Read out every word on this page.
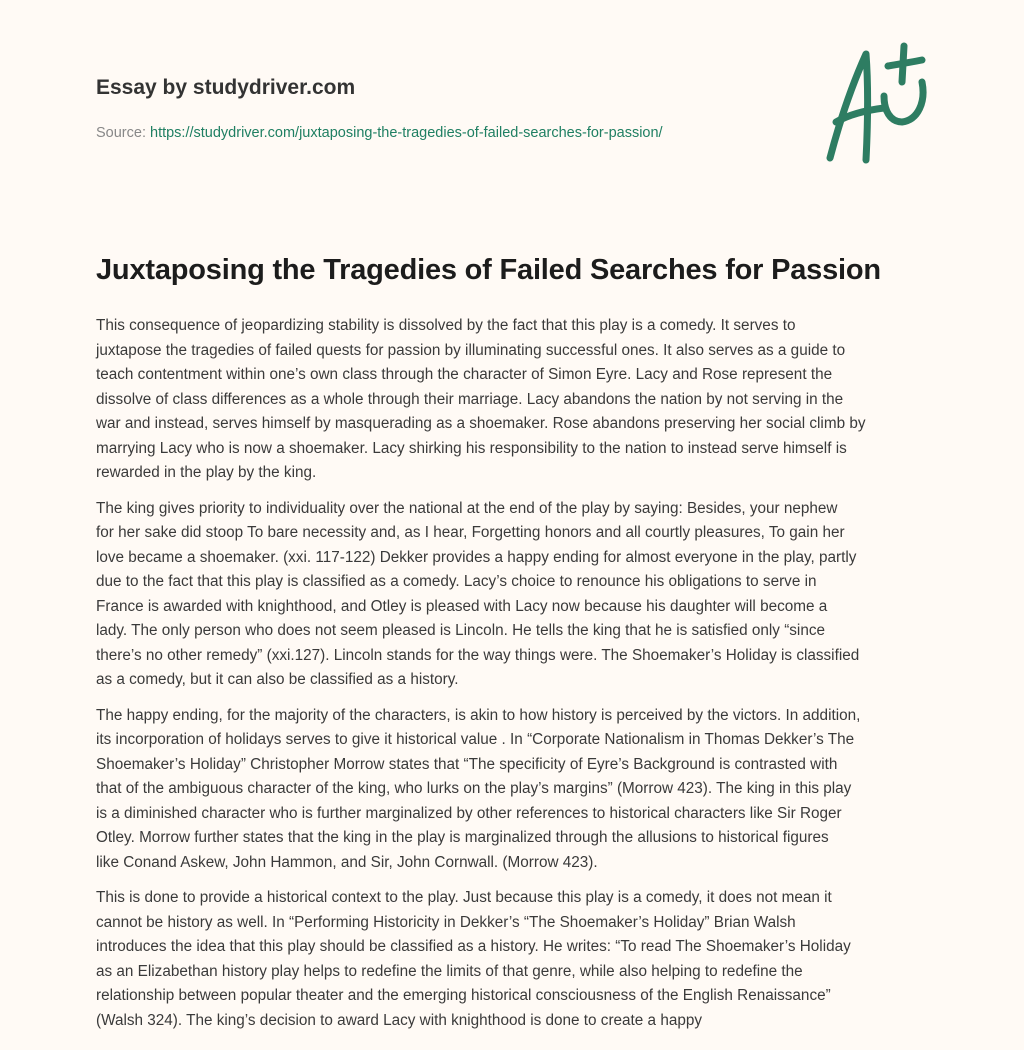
Essay by studydriver.com
Source: https://studydriver.com/juxtaposing-the-tragedies-of-failed-searches-for-passion/
Juxtaposing the Tragedies of Failed Searches for Passion

This consequence of jeopardizing stability is dissolved by the fact that this play is a comedy. It serves to
juxtapose the tragedies of failed quests for passion by illuminating successful ones. It also serves as a guide to
teach contentment within one’s own class through the character of Simon Eyre. Lacy and Rose represent the
dissolve of class differences as a whole through their marriage. Lacy abandons the nation by not serving in the
war and instead, serves himself by masquerading as a shoemaker. Rose abandons preserving her social climb by
marrying Lacy who is now a shoemaker. Lacy shirking his responsibility to the nation to instead serve himself is
rewarded in the play by the king.

The king gives priority to individuality over the national at the end of the play by saying: Besides, your nephew
for her sake did stoop To bare necessity and, as I hear, Forgetting honors and all courtly pleasures, To gain her
love became a shoemaker. (xxi. 117-122) Dekker provides a happy ending for almost everyone in the play, partly
due to the fact that this play is classified as a comedy. Lacy’s choice to renounce his obligations to serve in
France is awarded with knighthood, and Otley is pleased with Lacy now because his daughter will become a
lady. The only person who does not seem pleased is Lincoln. He tells the king that he is satisfied only “since
there’s no other remedy” (xxi.127). Lincoln stands for the way things were. The Shoemaker’s Holiday is classified
as a comedy, but it can also be classified as a history.

The happy ending, for the majority of the characters, is akin to how history is perceived by the victors. In addition,
its incorporation of holidays serves to give it historical value . In “Corporate Nationalism in Thomas Dekker’s The
Shoemaker’s Holiday” Christopher Morrow states that “The specificity of Eyre’s Background is contrasted with
that of the ambiguous character of the king, who lurks on the play’s margins” (Morrow 423). The king in this play
is a diminished character who is further marginalized by other references to historical characters like Sir Roger
Otley. Morrow further states that the king in the play is marginalized through the allusions to historical figures
like Conand Askew, John Hammon, and Sir, John Cornwall. (Morrow 423).

This is done to provide a historical context to the play. Just because this play is a comedy, it does not mean it
cannot be history as well. In “Performing Historicity in Dekker’s “The Shoemaker’s Holiday” Brian Walsh
introduces the idea that this play should be classified as a history. He writes: “To read The Shoemaker’s Holiday
as an Elizabethan history play helps to redefine the limits of that genre, while also helping to redefine the
relationship between popular theater and the emerging historical consciousness of the English Renaissance”
(Walsh 324). The king’s decision to award Lacy with knighthood is done to create a happy
